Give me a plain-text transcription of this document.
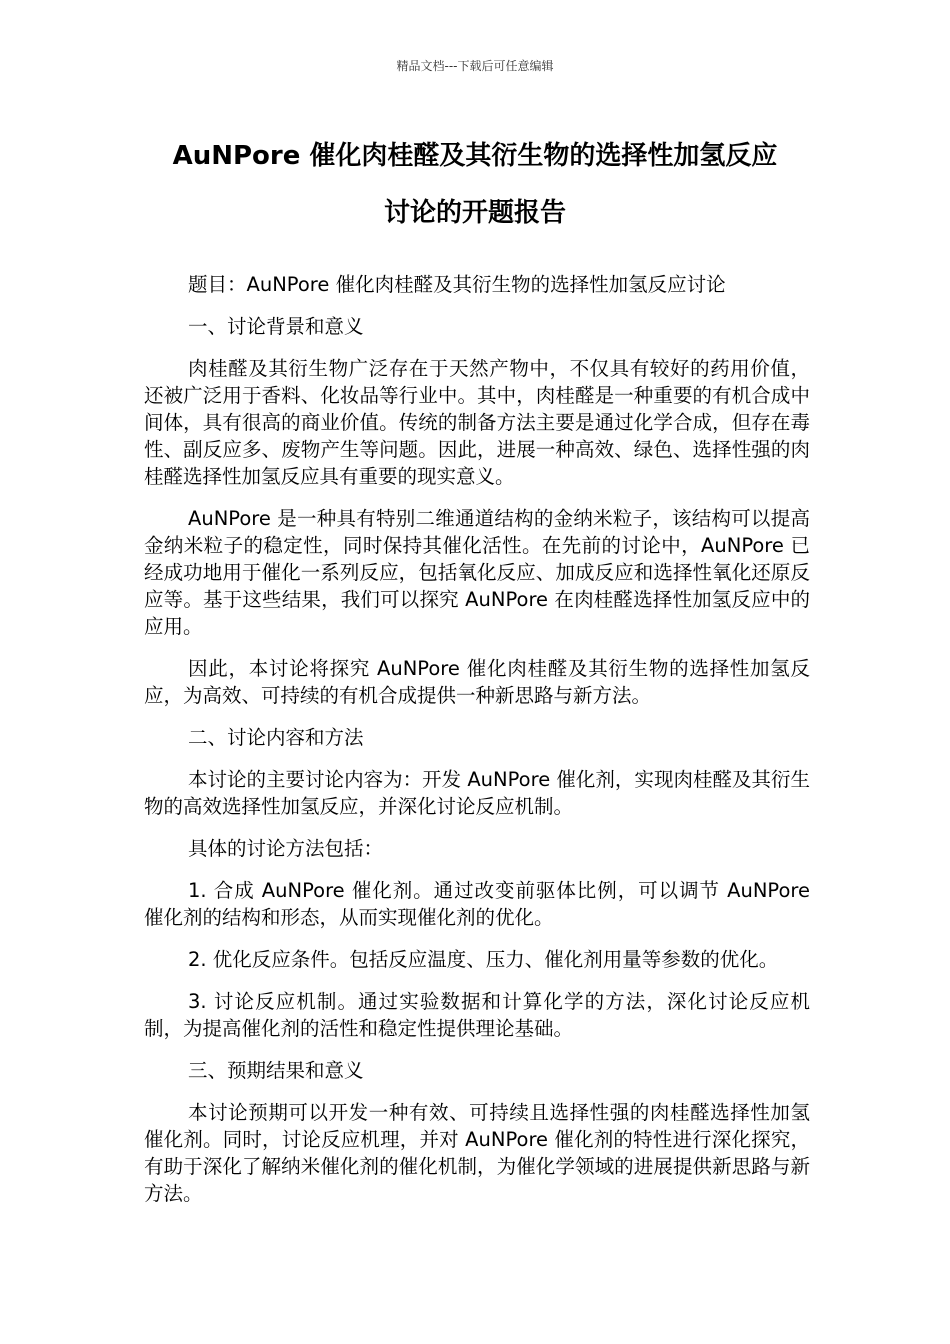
精品文档---下载后可任意编辑
AuNPore 催化肉桂醛及其衍生物的选择性加氢反应
讨论的开题报告

题目：AuNPore 催化肉桂醛及其衍生物的选择性加氢反应讨论

一、讨论背景和意义

肉桂醛及其衍生物广泛存在于天然产物中，不仅具有较好的药用价值，还被广泛用于香料、化妆品等行业中。其中，肉桂醛是一种重要的有机合成中间体，具有很高的商业价值。传统的制备方法主要是通过化学合成，但存在毒性、副反应多、废物产生等问题。因此，进展一种高效、绿色、选择性强的肉桂醛选择性加氢反应具有重要的现实意义。

AuNPore 是一种具有特别二维通道结构的金纳米粒子，该结构可以提高金纳米粒子的稳定性，同时保持其催化活性。在先前的讨论中，AuNPore 已经成功地用于催化一系列反应，包括氧化反应、加成反应和选择性氧化还原反应等。基于这些结果，我们可以探究 AuNPore 在肉桂醛选择性加氢反应中的应用。

因此，本讨论将探究 AuNPore 催化肉桂醛及其衍生物的选择性加氢反应，为高效、可持续的有机合成提供一种新思路与新方法。

二、讨论内容和方法

本讨论的主要讨论内容为：开发 AuNPore 催化剂，实现肉桂醛及其衍生物的高效选择性加氢反应，并深化讨论反应机制。

具体的讨论方法包括：

1. 合成 AuNPore 催化剂。通过改变前驱体比例，可以调节 AuNPore 催化剂的结构和形态，从而实现催化剂的优化。

2. 优化反应条件。包括反应温度、压力、催化剂用量等参数的优化。

3. 讨论反应机制。通过实验数据和计算化学的方法，深化讨论反应机制，为提高催化剂的活性和稳定性提供理论基础。

三、预期结果和意义

本讨论预期可以开发一种有效、可持续且选择性强的肉桂醛选择性加氢催化剂。同时，讨论反应机理，并对 AuNPore 催化剂的特性进行深化探究，有助于深化了解纳米催化剂的催化机制，为催化学领域的进展提供新思路与新方法。
